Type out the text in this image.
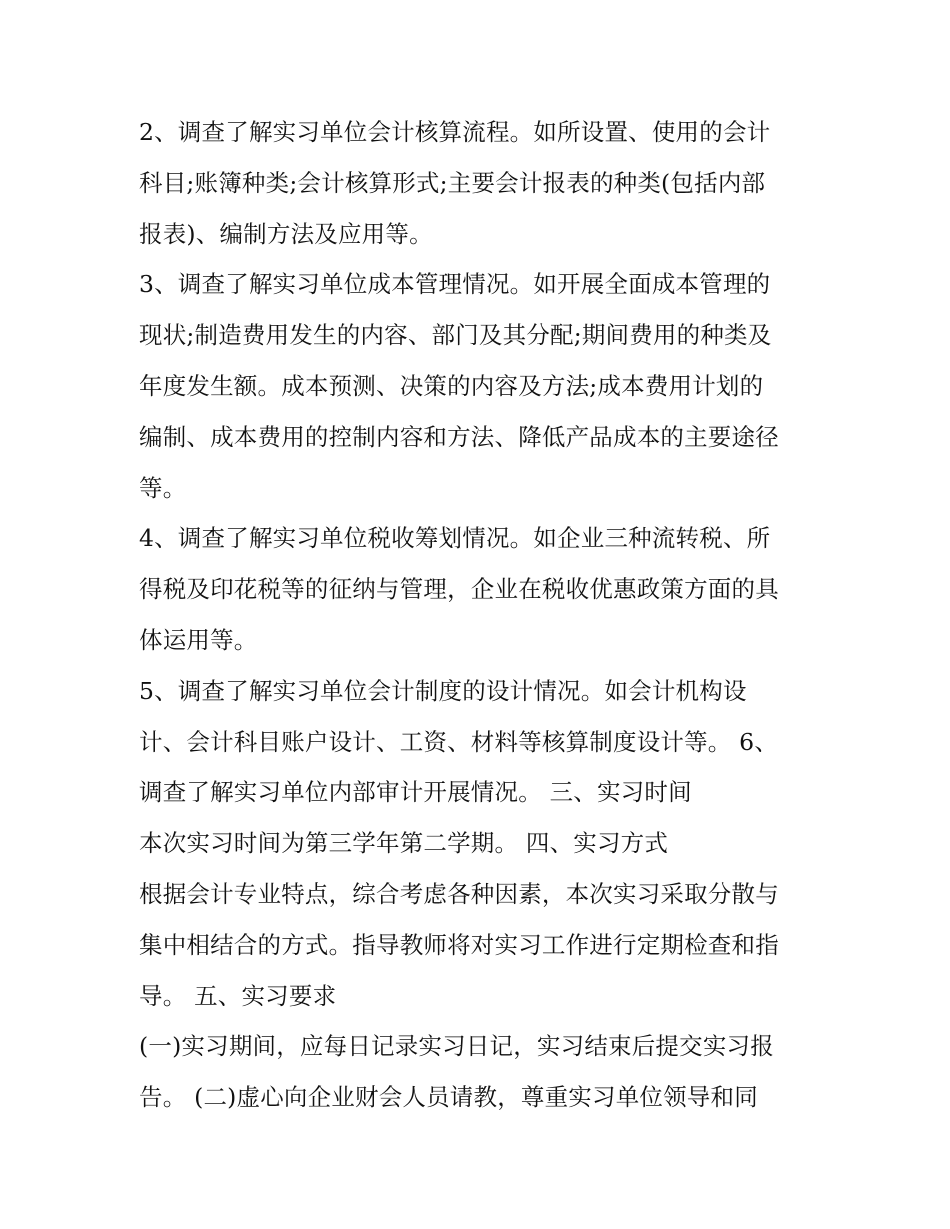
2、调查了解实习单位会计核算流程。如所设置、使用的会计
科目;账簿种类;会计核算形式;主要会计报表的种类(包括内部
报表)、编制方法及应用等。
3、调查了解实习单位成本管理情况。如开展全面成本管理的
现状;制造费用发生的内容、部门及其分配;期间费用的种类及
年度发生额。成本预测、决策的内容及方法;成本费用计划的
编制、成本费用的控制内容和方法、降低产品成本的主要途径
等。
4、调查了解实习单位税收筹划情况。如企业三种流转税、所
得税及印花税等的征纳与管理，企业在税收优惠政策方面的具
体运用等。
5、调查了解实习单位会计制度的设计情况。如会计机构设
计、会计科目账户设计、工资、材料等核算制度设计等。 6、
调查了解实习单位内部审计开展情况。 三、实习时间
本次实习时间为第三学年第二学期。 四、实习方式
根据会计专业特点，综合考虑各种因素，本次实习采取分散与
集中相结合的方式。指导教师将对实习工作进行定期检查和指
导。 五、实习要求
(一)实习期间，应每日记录实习日记，实习结束后提交实习报
告。 (二)虚心向企业财会人员请教，尊重实习单位领导和同
